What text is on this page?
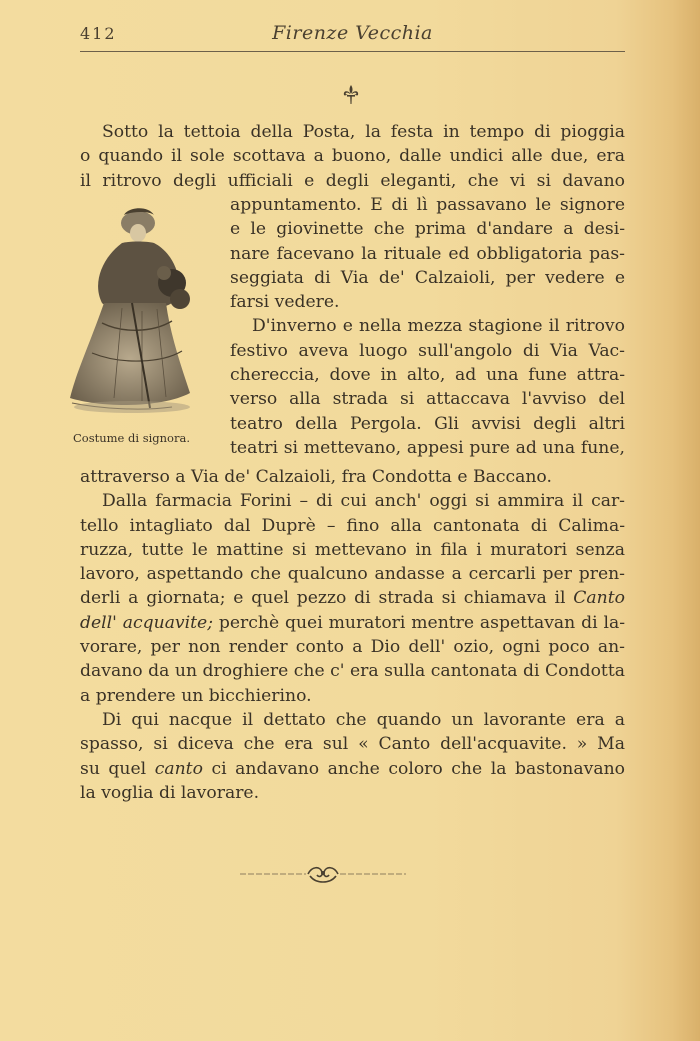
412	Firenze Vecchia
Sotto la tettoia della Posta, la festa in tempo di pioggia
o quando il sole scottava a buono, dalle undici alle due, era
il ritrovo degli ufficiali e degli eleganti, che vi si davano
appuntamento. E di lì passavano le signore
e le giovinette che prima d'andare a desi-
nare facevano la rituale ed obbligatoria pas-
seggiata di Via de' Calzaioli, per vedere e
farsi vedere.
D'inverno e nella mezza stagione il ritrovo
festivo aveva luogo sull'angolo di Via Vac-
chereccia, dove in alto, ad una fune attra-
verso alla strada si attaccava l'avviso del
teatro della Pergola. Gli avvisi degli altri
teatri si mettevano, appesi pure ad una fune,
Costume di signora.
attraverso a Via de' Calzaioli, fra Condotta e Baccano.
Dalla farmacia Forini – di cui anch' oggi si ammira il car-
tello intagliato dal Duprè – fino alla cantonata di Calima-
ruzza, tutte le mattine si mettevano in fila i muratori senza
lavoro, aspettando che qualcuno andasse a cercarli per pren-
derli a giornata; e quel pezzo di strada si chiamava il Canto
dell' acquavite; perchè quei muratori mentre aspettavan di la-
vorare, per non render conto a Dio dell' ozio, ogni poco an-
davano da un droghiere che c' era sulla cantonata di Condotta
a prendere un bicchierino.
Di qui nacque il dettato che quando un lavorante era a
spasso, si diceva che era sul « Canto dell'acquavite. » Ma
su quel canto ci andavano anche coloro che la bastonavano
la voglia di lavorare.
